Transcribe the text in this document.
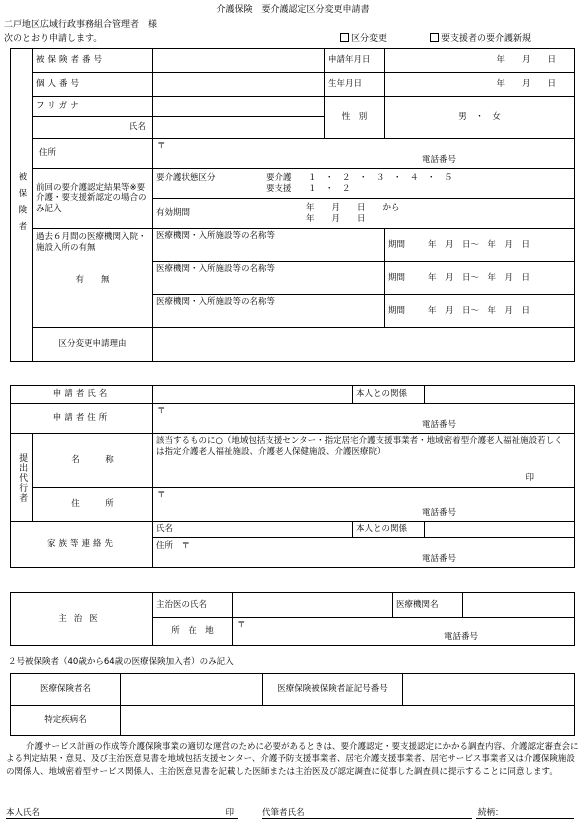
介護保険　要介護認定区分変更申請書
二戸地区広域行政事務組合管理者　様
次のとおり申請します。	区分変更	要支援者の要介護新規
被保険者	被保険者番号		申請年月日	年　　月　　日
	個人番号		生年月日	年　　月　　日
	フリガナ		性　別	男　・　女
	氏名			

	住所	〒
電話番号		

	前回の要介護認定結果等※要介護・要支援新認定の場合のみ記入	要介護状態区分 要介護 １　・　２　・　３　・　４　・　５
要支援 １　・　２		

		有効期間
年　　月　　日　　から
年　　月　　日		

	過去６月間の医療機関入院・施設入所の有無
有　　無	医療機関・入所施設等の名称等		期間 年　月　日～　年　月　日
		医療機関・入所施設等の名称等		期間 年　月　日～　年　月　日
		医療機関・入所施設等の名称等		期間 年　月　日～　年　月　日
	区分変更申請理由			
申請者氏名			本人との関係	
申請者住所		〒
電話番号		

提出代行者	名　　　称	該当するものに○（地域包括支援センター・指定居宅介護支援事業者・地域密着型介護老人福祉施設若しくは指定介護老人福祉施設、介護老人保健施設、介護医療院）
印		

	住　　　所	〒
電話番号		

家族等連絡先		氏名	本人との関係	
		住所　〒
電話番号		
主治医	主治医の氏名		医療機関名	
	所　在　地	〒
電話番号		
２号被保険者（40歳から64歳の医療保険加入者）のみ記入
医療保険者名		医療保険被保険者証記号番号	
特定疾病名			
介護サービス計画の作成等介護保険事業の適切な運営のために必要があるときは、要介護認定・要支援認定にかかる調査内容、介護認定審査会による判定結果・意見、及び主治医意見書を地域包括支援センター、介護予防支援事業者、居宅介護支援事業者、居宅サービス事業者又は介護保険施設の関係人、地域密着型サービス関係人、主治医意見書を記載した医師または主治医及び認定調査に従事した調査員に提示することに同意します。
本人氏名	印	代筆者氏名	続柄：
